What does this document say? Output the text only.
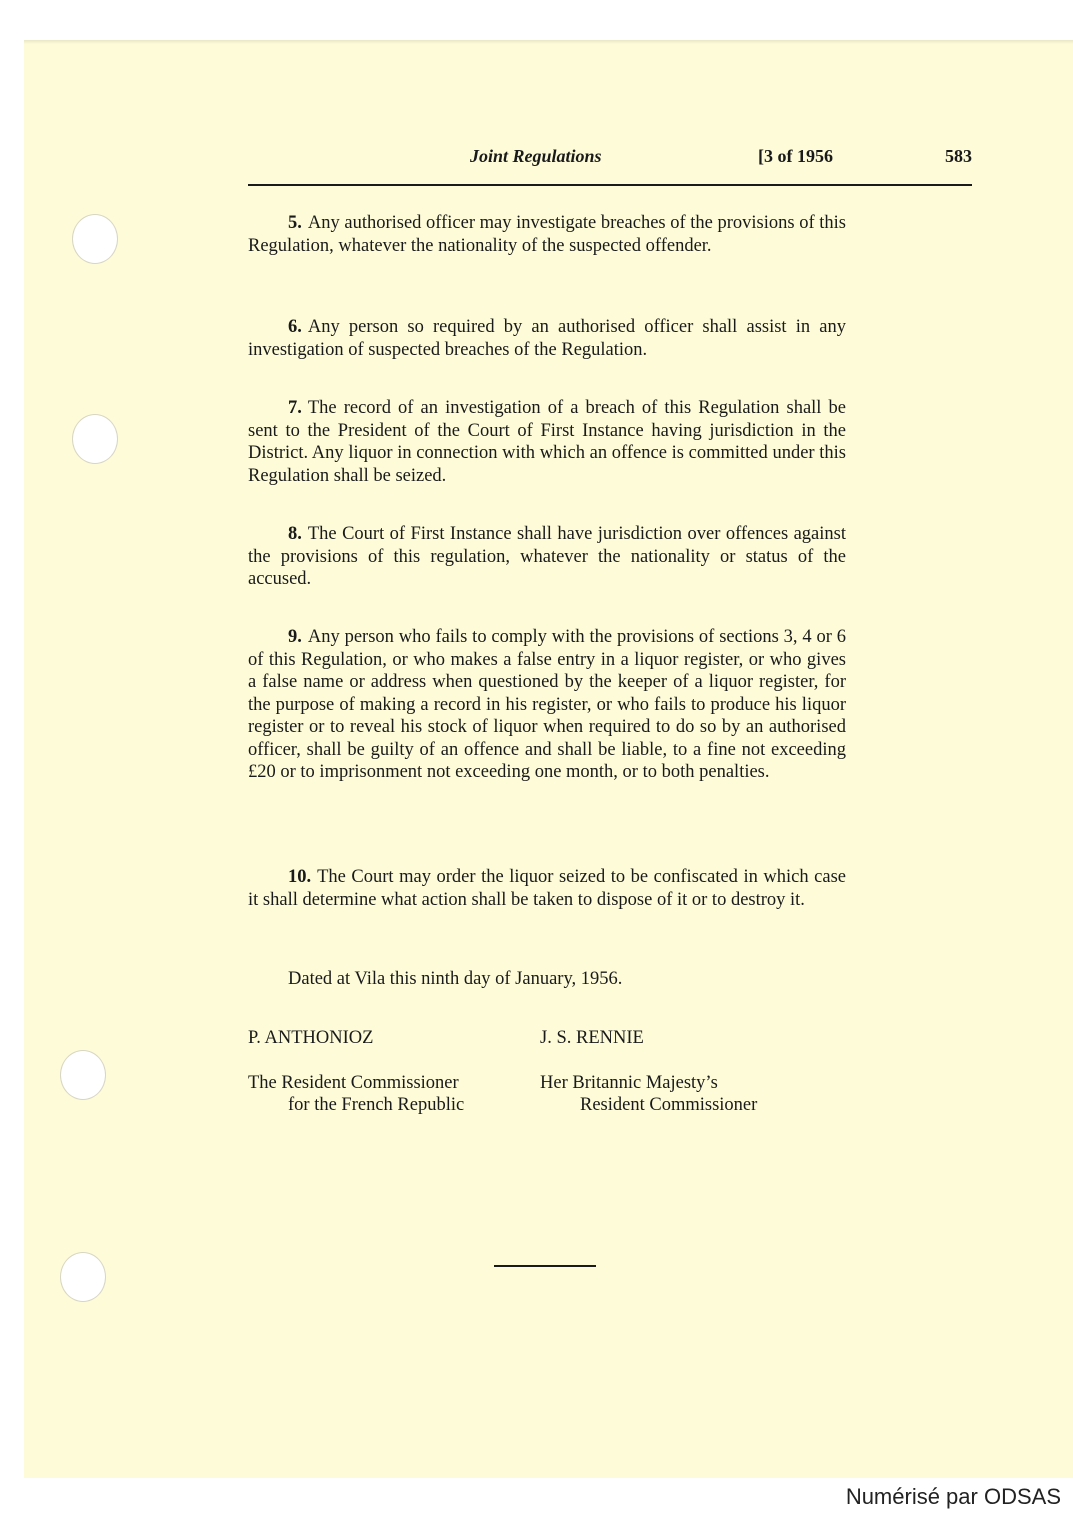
Joint Regulations	[3 of 1956	583

5. Any authorised officer may investigate breaches of the provisions of this Regulation, whatever the nationality of the suspected offender.

6. Any person so required by an authorised officer shall assist in any investigation of suspected breaches of the Regulation.

7. The record of an investigation of a breach of this Regulation shall be sent to the President of the Court of First Instance having jurisdiction in the District. Any liquor in connection with which an offence is committed under this Regulation shall be seized.

8. The Court of First Instance shall have jurisdiction over offences against the provisions of this regulation, whatever the nationality or status of the accused.

9. Any person who fails to comply with the provisions of sections 3, 4 or 6 of this Regulation, or who makes a false entry in a liquor register, or who gives a false name or address when questioned by the keeper of a liquor register, for the purpose of making a record in his register, or who fails to produce his liquor register or to reveal his stock of liquor when required to do so by an authorised officer, shall be guilty of an offence and shall be liable, to a fine not exceeding £20 or to imprisonment not exceeding one month, or to both penalties.

10. The Court may order the liquor seized to be confiscated in which case it shall determine what action shall be taken to dispose of it or to destroy it.

Dated at Vila this ninth day of January, 1956.
P. ANTHONIOZ	J. S. RENNIE
The Resident Commissioner
for the French Republic
Her Britannic Majesty’s
Resident Commissioner
Numérisé par ODSAS
